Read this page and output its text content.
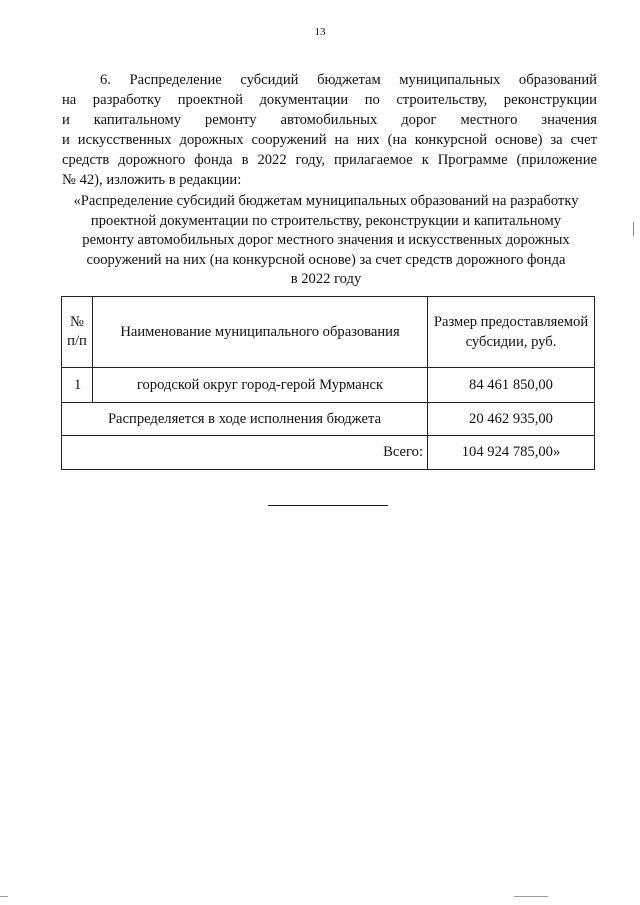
13
6. Распределение субсидий бюджетам муниципальных образований
на разработку проектной документации по строительству, реконструкции
и капитальному ремонту автомобильных дорог местного значения
и искусственных дорожных сооружений на них (на конкурсной основе) за счет
средств дорожного фонда в 2022 году, прилагаемое к Программе (приложение
№ 42), изложить в редакции:
«Распределение субсидий бюджетам муниципальных образований на разработку
проектной документации по строительству, реконструкции и капитальному
ремонту автомобильных дорог местного значения и искусственных дорожных
сооружений на них (на конкурсной основе) за счет средств дорожного фонда
в 2022 году
№
п/п	Наименование муниципального образования	Размер предоставляемой
субсидии, руб.
1	городской округ город-герой Мурманск	84 461 850,00
Распределяется в ходе исполнения бюджета		20 462 935,00
Всего:		104 924 785,00»
